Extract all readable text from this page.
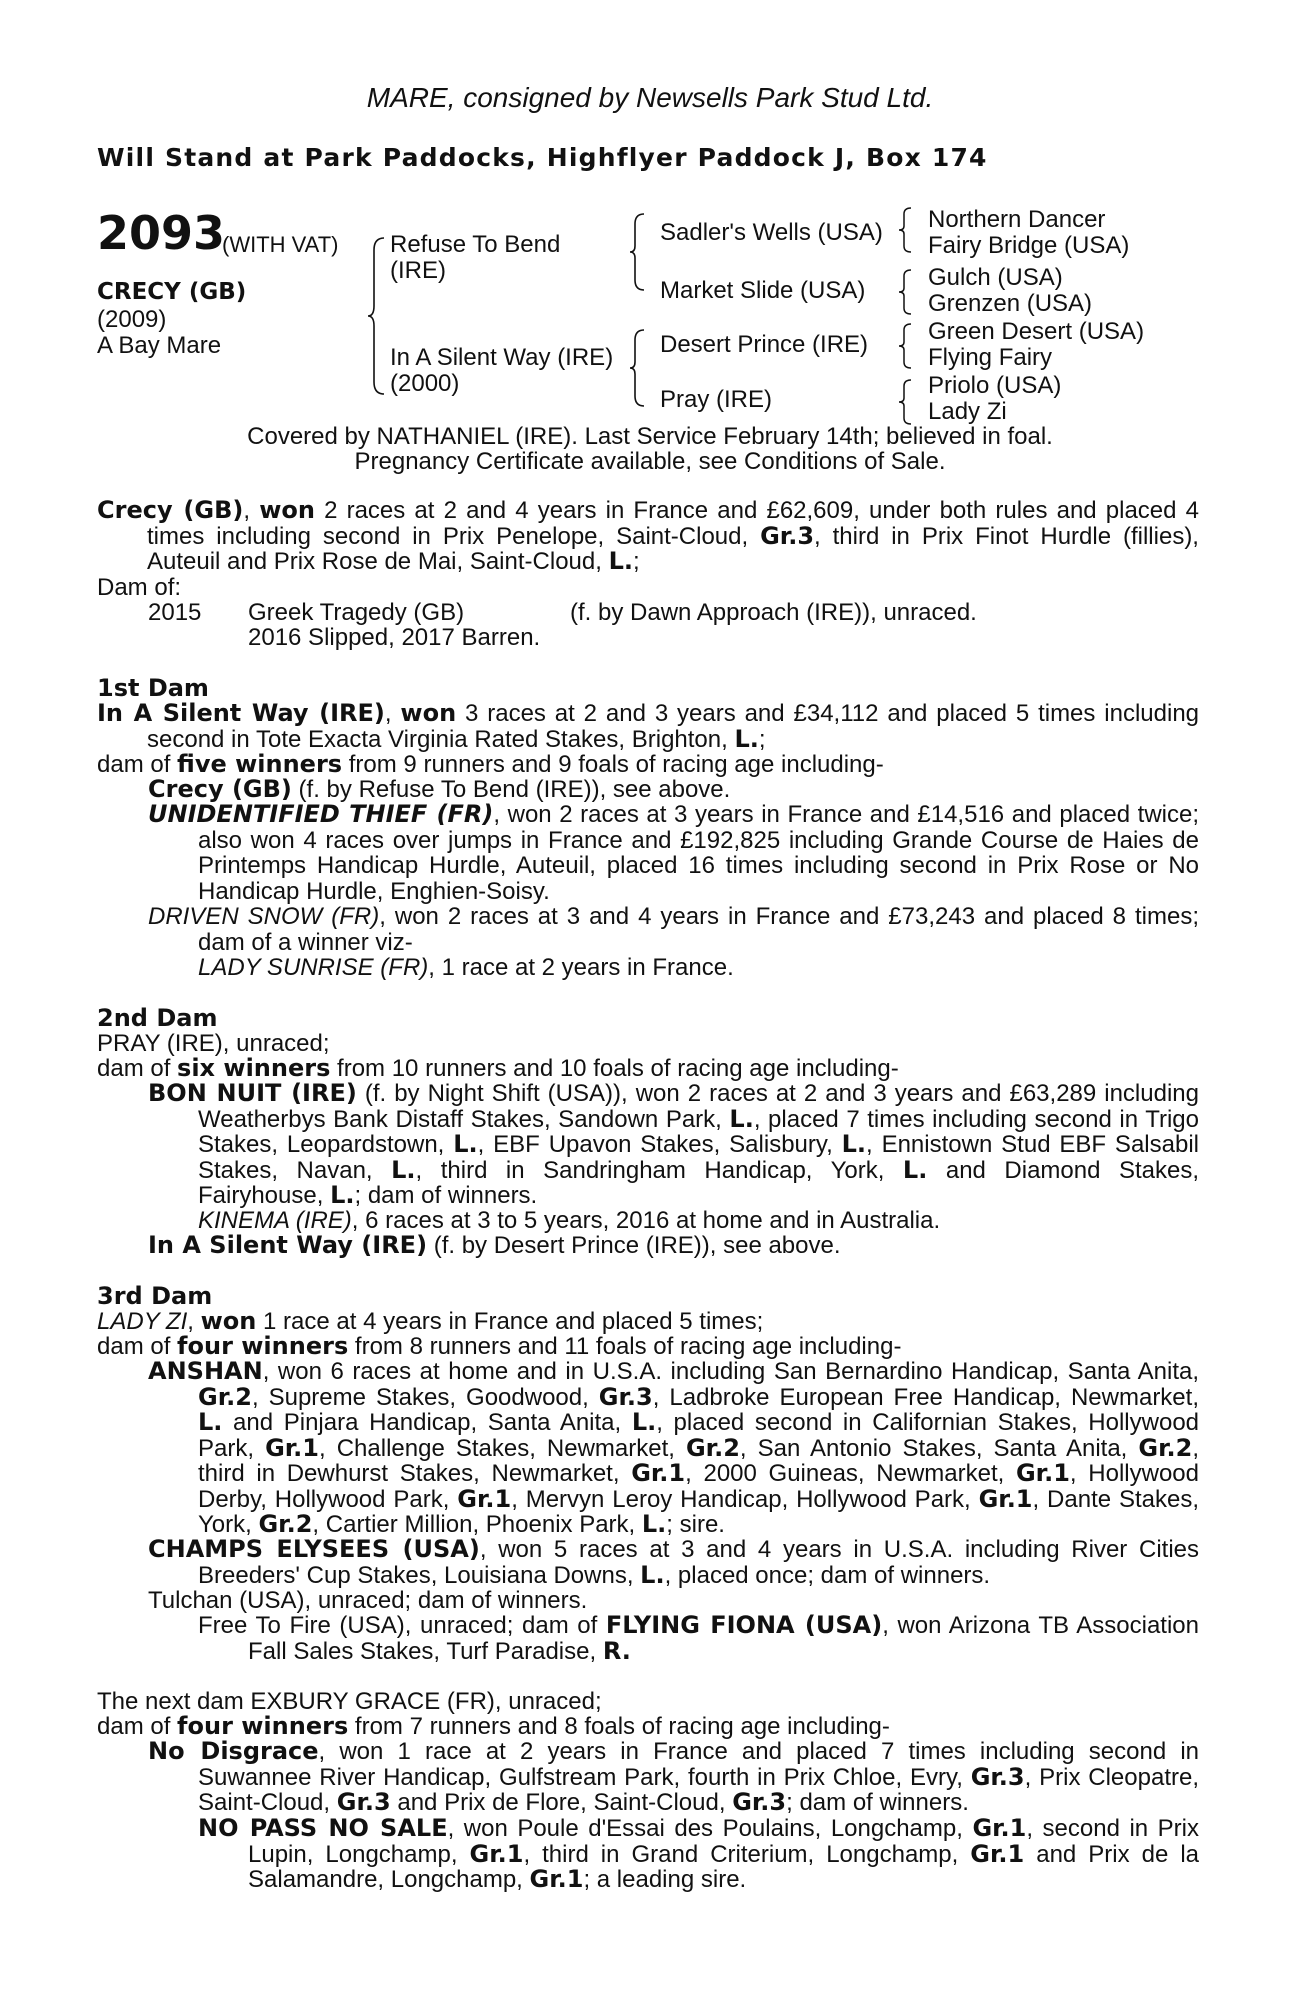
MARE, consigned by Newsells Park Stud Ltd.
Will Stand at Park Paddocks, Highflyer Paddock J, Box 174
2093
(WITH VAT)
CRECY (GB)
(2009)
A Bay Mare
Refuse To Bend
(IRE)
In A Silent Way (IRE)
(2000)
Sadler's Wells (USA)
Market Slide (USA)
Desert Prince (IRE)
Pray (IRE)
Northern Dancer
Fairy Bridge (USA)
Gulch (USA)
Grenzen (USA)
Green Desert (USA)
Flying Fairy
Priolo (USA)
Lady Zi
Covered by NATHANIEL (IRE). Last Service February 14th; believed in foal.
Pregnancy Certificate available, see Conditions of Sale.

Crecy (GB), won 2 races at 2 and 4 years in France and £62,609, under both rules and placed 4 times including second in Prix Penelope, Saint-Cloud, Gr.3, third in Prix Finot Hurdle (fillies), Auteuil and Prix Rose de Mai, Saint-Cloud, L.;

Dam of:
2015 Greek Tragedy (GB)	(f. by Dawn Approach (IRE)), unraced.
2016 Slipped, 2017 Barren.
1st Dam

In A Silent Way (IRE), won 3 races at 2 and 3 years and £34,112 and placed 5 times including second in Tote Exacta Virginia Rated Stakes, Brighton, L.;

dam of five winners from 9 runners and 9 foals of racing age including-
Crecy (GB) (f. by Refuse To Bend (IRE)), see above.

UNIDENTIFIED THIEF (FR), won 2 races at 3 years in France and £14,516 and placed twice; also won 4 races over jumps in France and £192,825 including Grande Course de Haies de Printemps Handicap Hurdle, Auteuil, placed 16 times including second in Prix Rose or No Handicap Hurdle, Enghien-Soisy.

DRIVEN SNOW (FR), won 2 races at 3 and 4 years in France and £73,243 and placed 8 times; dam of a winner viz-

LADY SUNRISE (FR), 1 race at 2 years in France.
2nd Dam
PRAY (IRE), unraced;
dam of six winners from 10 runners and 10 foals of racing age including-

BON NUIT (IRE) (f. by Night Shift (USA)), won 2 races at 2 and 3 years and £63,289 including Weatherbys Bank Distaff Stakes, Sandown Park, L., placed 7 times including second in Trigo Stakes, Leopardstown, L., EBF Upavon Stakes, Salisbury, L., Ennistown Stud EBF Salsabil Stakes, Navan, L., third in Sandringham Handicap, York, L. and Diamond Stakes, Fairyhouse, L.; dam of winners.

KINEMA (IRE), 6 races at 3 to 5 years, 2016 at home and in Australia.
In A Silent Way (IRE) (f. by Desert Prince (IRE)), see above.
3rd Dam
LADY ZI, won 1 race at 4 years in France and placed 5 times;
dam of four winners from 8 runners and 11 foals of racing age including-

ANSHAN, won 6 races at home and in U.S.A. including San Bernardino Handicap, Santa Anita, Gr.2, Supreme Stakes, Goodwood, Gr.3, Ladbroke European Free Handicap, Newmarket, L. and Pinjara Handicap, Santa Anita, L., placed second in Californian Stakes, Hollywood Park, Gr.1, Challenge Stakes, Newmarket, Gr.2, San Antonio Stakes, Santa Anita, Gr.2, third in Dewhurst Stakes, Newmarket, Gr.1, 2000 Guineas, Newmarket, Gr.1, Hollywood Derby, Hollywood Park, Gr.1, Mervyn Leroy Handicap, Hollywood Park, Gr.1, Dante Stakes, York, Gr.2, Cartier Million, Phoenix Park, L.; sire.

CHAMPS ELYSEES (USA), won 5 races at 3 and 4 years in U.S.A. including River Cities Breeders' Cup Stakes, Louisiana Downs, L., placed once; dam of winners.

Tulchan (USA), unraced; dam of winners.

Free To Fire (USA), unraced; dam of FLYING FIONA (USA), won Arizona TB Association Fall Sales Stakes, Turf Paradise, R.

The next dam EXBURY GRACE (FR), unraced;
dam of four winners from 7 runners and 8 foals of racing age including-

No Disgrace, won 1 race at 2 years in France and placed 7 times including second in Suwannee River Handicap, Gulfstream Park, fourth in Prix Chloe, Evry, Gr.3, Prix Cleopatre, Saint-Cloud, Gr.3 and Prix de Flore, Saint-Cloud, Gr.3; dam of winners.

NO PASS NO SALE, won Poule d'Essai des Poulains, Longchamp, Gr.1, second in Prix Lupin, Longchamp, Gr.1, third in Grand Criterium, Longchamp, Gr.1 and Prix de la Salamandre, Longchamp, Gr.1; a leading sire.
